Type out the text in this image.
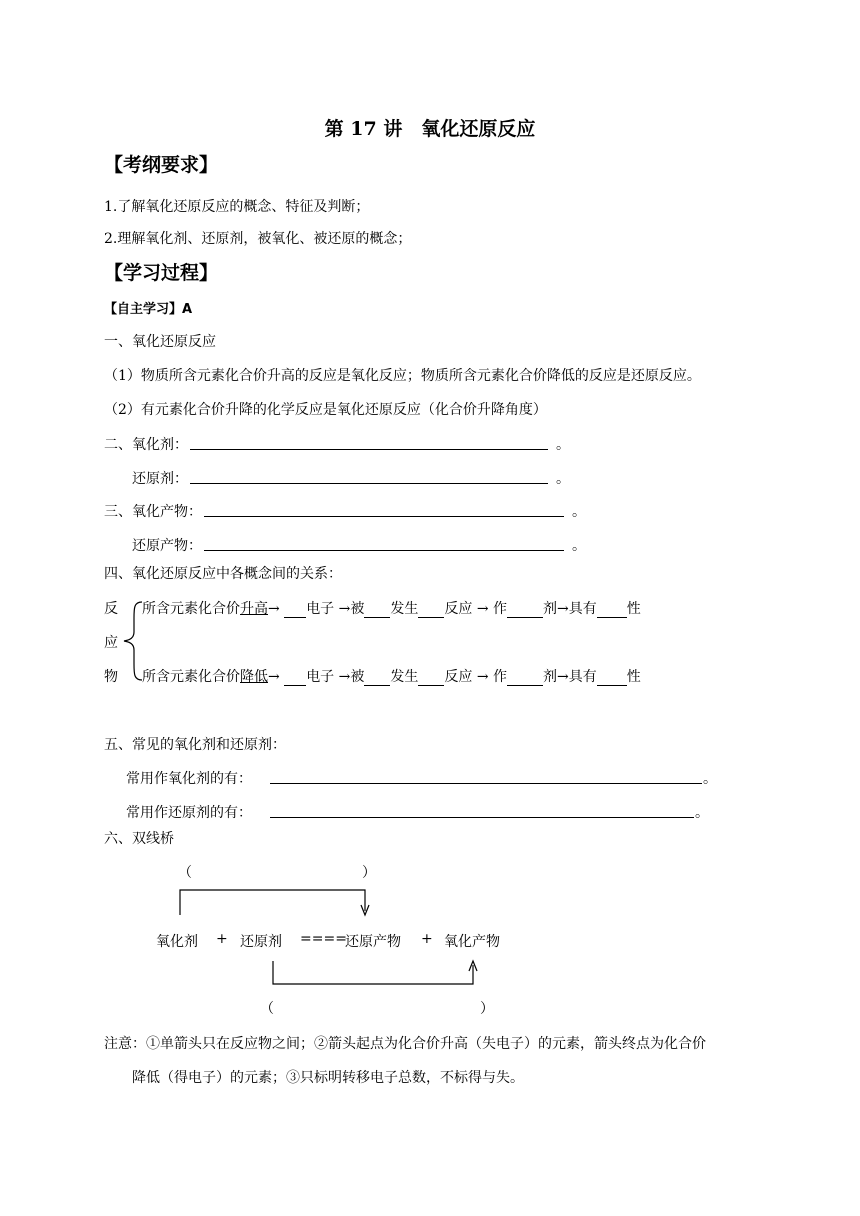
第 17 讲　氧化还原反应
【考纲要求】
1.了解氧化还原反应的概念、特征及判断；
2.理解氧化剂、还原剂，被氧化、被还原的概念；
【学习过程】
【自主学习】A
一、氧化还原反应
（1）物质所含元素化合价升高的反应是氧化反应；物质所含元素化合价降低的反应是还原反应。
（2）有元素化合价升降的化学反应是氧化还原反应（化合价升降角度）
二、氧化剂：	。
还原剂：	。
三、氧化产物：	。
还原产物：	。
四、氧化还原反应中各概念间的关系：
反
应
物
所含元素化合价升高→ 电子 →被 发生 反应 → 作	剂→具有 性
所含元素化合价降低→ 电子 →被 发生 反应 → 作	剂→具有 性
五、常见的氧化剂和还原剂：
常用作氧化剂的有：	。
常用作还原剂的有：	。
六、双线桥
（	）
氧化剂 + 还原剂 ====
还原产物 + 氧化产物
（	）
注意：①单箭头只在反应物之间；②箭头起点为化合价升高（失电子）的元素，箭头终点为化合价
降低（得电子）的元素；③只标明转移电子总数，不标得与失。
